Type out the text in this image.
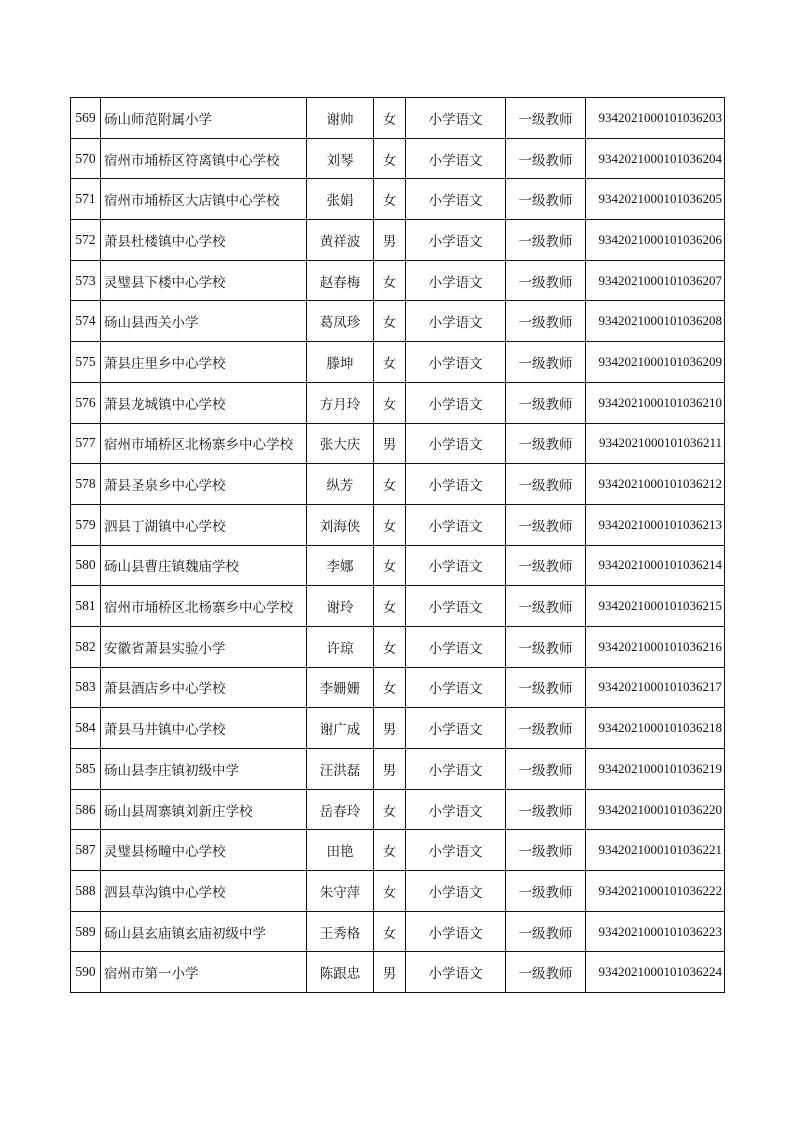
569	砀山师范附属小学	谢帅	女	小学语文	一级教师	9342021000101036203
570	宿州市埇桥区符离镇中心学校	刘琴	女	小学语文	一级教师	9342021000101036204
571	宿州市埇桥区大店镇中心学校	张娟	女	小学语文	一级教师	9342021000101036205
572	萧县杜楼镇中心学校	黄祥波	男	小学语文	一级教师	9342021000101036206
573	灵璧县下楼中心学校	赵春梅	女	小学语文	一级教师	9342021000101036207
574	砀山县西关小学	葛凤珍	女	小学语文	一级教师	9342021000101036208
575	萧县庄里乡中心学校	滕坤	女	小学语文	一级教师	9342021000101036209
576	萧县龙城镇中心学校	方月玲	女	小学语文	一级教师	9342021000101036210
577	宿州市埇桥区北杨寨乡中心学校	张大庆	男	小学语文	一级教师	9342021000101036211
578	萧县圣泉乡中心学校	纵芳	女	小学语文	一级教师	9342021000101036212
579	泗县丁湖镇中心学校	刘海侠	女	小学语文	一级教师	9342021000101036213
580	砀山县曹庄镇魏庙学校	李娜	女	小学语文	一级教师	9342021000101036214
581	宿州市埇桥区北杨寨乡中心学校	谢玲	女	小学语文	一级教师	9342021000101036215
582	安徽省萧县实验小学	许琼	女	小学语文	一级教师	9342021000101036216
583	萧县酒店乡中心学校	李姗姗	女	小学语文	一级教师	9342021000101036217
584	萧县马井镇中心学校	谢广成	男	小学语文	一级教师	9342021000101036218
585	砀山县李庄镇初级中学	汪洪磊	男	小学语文	一级教师	9342021000101036219
586	砀山县周寨镇刘新庄学校	岳春玲	女	小学语文	一级教师	9342021000101036220
587	灵璧县杨疃中心学校	田艳	女	小学语文	一级教师	9342021000101036221
588	泗县草沟镇中心学校	朱守萍	女	小学语文	一级教师	9342021000101036222
589	砀山县玄庙镇玄庙初级中学	王秀格	女	小学语文	一级教师	9342021000101036223
590	宿州市第一小学	陈跟忠	男	小学语文	一级教师	9342021000101036224
